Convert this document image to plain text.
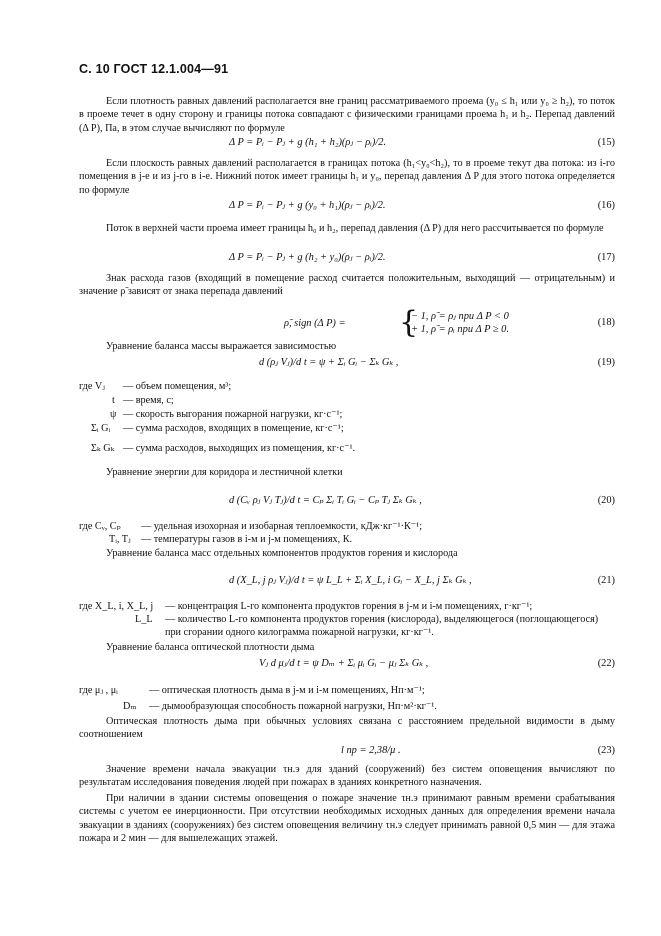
С. 10 ГОСТ 12.1.004—91
Если плотность равных давлений располагается вне границ рассматриваемого проема (y₀ ≤ h₁ или y₀ ≥ h₂), то поток в проеме течет в одну сторону и границы потока совпадают с физическими границами проема h₁ и h₂. Перепад давлений (Δ P), Па, в этом случае вычисляют по формуле
Δ P = Pᵢ − Pⱼ + g (h₁ + h₂)(ρⱼ − ρᵢ)/2.	(15)
Если плоскость равных давлений располагается в границах потока (h₁<y₀<h₂), то в проеме текут два потока: из i-го помещения в j-е и из j-го в i-е. Нижний поток имеет границы h₁ и y₀, перепад давления Δ P для этого потока определяется по формуле
Δ P = Pᵢ − Pⱼ + g (y₀ + h₁)(ρⱼ − ρᵢ)/2.	(16)
Поток в верхней части проема имеет границы h₀ и h₂, перепад давления (Δ P) для него рассчитывается по формуле
Δ P = Pᵢ − Pⱼ + g (h₂ + y₀)(ρⱼ − ρᵢ)/2.	(17)
Знак расхода газов (входящий в помещение расход считается положительным, выходящий — отрицательным) и значение ρ̃ зависят от знака перепада давлений
ρ̃, sign (Δ P) = {
− 1, ρ̃ = ρⱼ при Δ P < 0
+ 1, ρ̃ = ρᵢ при Δ P ≥ 0.
(18)
Уравнение баланса массы выражается зависимостью
d (ρⱼ Vⱼ)/d t = ψ + Σᵢ Gᵢ − Σₖ Gₖ ,	(19)
где Vⱼ — объем помещения, м³;
t — время, с;
ψ — скорость выгорания пожарной нагрузки, кг·с⁻¹;
Σᵢ Gᵢ — сумма расходов, входящих в помещение, кг·с⁻¹;
Σₖ Gₖ — сумма расходов, выходящих из помещения, кг·с⁻¹.
Уравнение энергии для коридора и лестничной клетки
d (Cᵥ ρⱼ Vⱼ Tⱼ)/d t = Cₚ Σᵢ Tᵢ Gᵢ − Cₚ Tⱼ Σₖ Gₖ ,	(20)
где Cᵥ, Cₚ — удельная изохорная и изобарная теплоемкости, кДж·кг⁻¹·К⁻¹;
Tᵢ, Tⱼ — температуры газов в i-м и j-м помещениях, К.
Уравнение баланса масс отдельных компонентов продуктов горения и кислорода
d (X_L, j ρⱼ Vⱼ)/d t = ψ L_L + Σᵢ X_L, i Gᵢ − X_L, j Σₖ Gₖ ,	(21)
где X_L, i, X_L, j — концентрация L-го компонента продуктов горения в j-м и i-м помещениях, г·кг⁻¹;
L_L — количество L-го компонента продуктов горения (кислорода), выделяющегося (поглощающегося) при сгорании одного килограмма пожарной нагрузки, кг·кг⁻¹.
Уравнение баланса оптической плотности дыма
Vⱼ d μⱼ/d t = ψ Dₘ + Σᵢ μᵢ Gᵢ − μⱼ Σₖ Gₖ ,	(22)
где μⱼ , μᵢ	— оптическая плотность дыма в j-м и i-м помещениях, Нп·м⁻¹;
Dₘ — дымообразующая способность пожарной нагрузки, Нп·м²·кг⁻¹.
Оптическая плотность дыма при обычных условиях связана с расстоянием предельной видимости в дыму соотношением
l пр = 2,38/μ .	(23)
Значение времени начала эвакуации τн.э для зданий (сооружений) без систем оповещения вычисляют по результатам исследования поведения людей при пожарах в зданиях конкретного назначения.
При наличии в здании системы оповещения о пожаре значение τн.э принимают равным времени срабатывания системы с учетом ее инерционности. При отсутствии необходимых исходных данных для определения времени начала эвакуации в зданиях (сооружениях) без систем оповещения величину τн.э следует принимать равной 0,5 мин — для этажа пожара и 2 мин — для вышележащих этажей.
